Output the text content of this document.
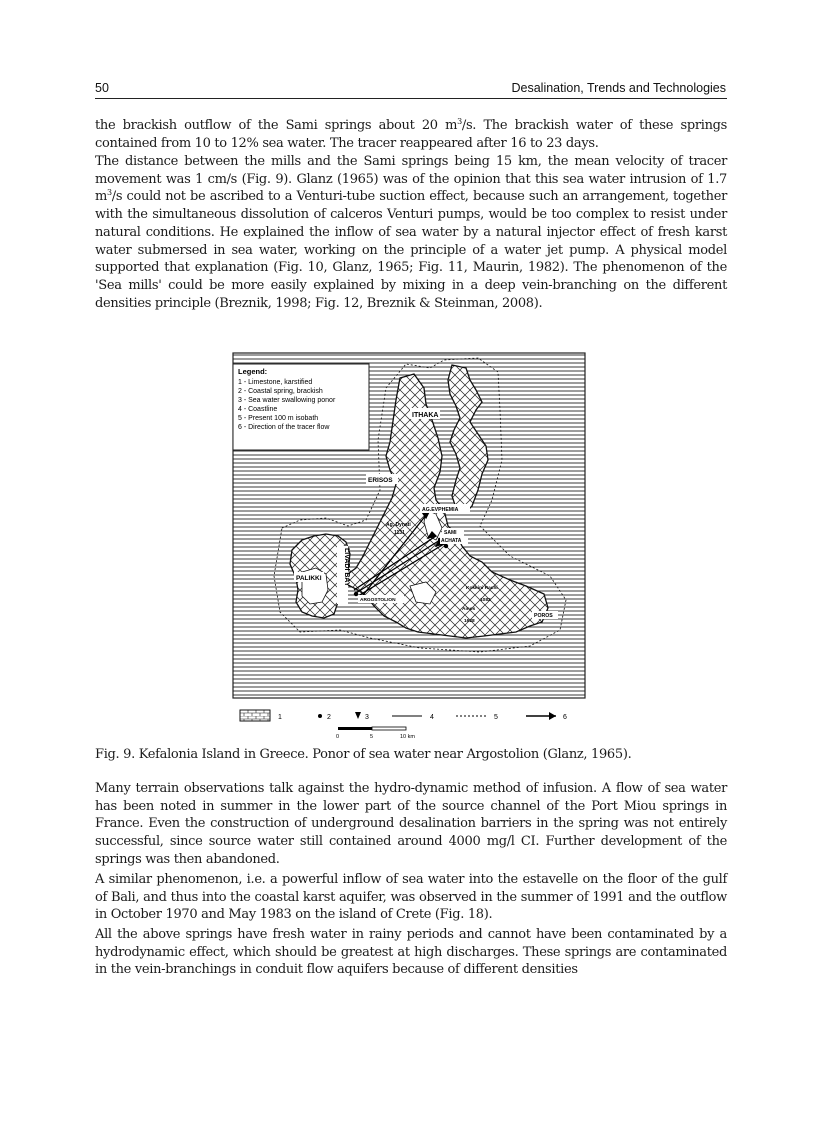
50	Desalination, Trends and Technologies

the brackish outflow of the Sami springs about 20 $m^3/s$. The brackish water of these springs contained from 10 to 12% sea water. The tracer reappeared after 16 to 23 days.

The distance between the mills and the Sami springs being 15 km, the mean velocity of tracer movement was 1 cm/s (Fig. 9). Glanz (1965) was of the opinion that this sea water intrusion of 1.7 $m^3/s$ could not be ascribed to a Venturi-tube suction effect, because such an arrangement, together with the simultaneous dissolution of calceros Venturi pumps, would be too complex to resist under natural conditions. He explained the inflow of sea water by a natural injector effect of fresh karst water submersed in sea water, working on the principle of a water jet pump. A physical model supported that explanation (Fig. 10, Glanz, 1965; Fig. 11, Maurin, 1982). The phenomenon of the 'Sea mills' could be more easily explained by mixing in a deep vein-branching on the different densities principle (Breznik, 1998; Fig. 12, Breznik & Steinman, 2008).

Legend:
1 - Limestone, karstified
2 - Coastal spring, brackish
3 - Sea water swallowing ponor
4 - Coastline
5 - Present 100 m isobath
6 - Direction of the tracer flow
ITHAKA
ERISOS
AG.EVPHEMIA
Ag. Dynati
1131	SAMI
ACHATA
LIVADI BAY
PALIKKI
ARGOSTOLION
Kokkini Rachi
1082
Ainos
1628
POROS
1	2	3	4	5	6
0	5	10 km
Fig. 9. Kefalonia Island in Greece. Ponor of sea water near Argostolion (Glanz, 1965).

Many terrain observations talk against the hydro-dynamic method of infusion. A flow of sea water has been noted in summer in the lower part of the source channel of the Port Miou springs in France. Even the construction of underground desalination barriers in the spring was not entirely successful, since source water still contained around 4000 mg/l CI. Further development of the springs was then abandoned.

A similar phenomenon, i.e. a powerful inflow of sea water into the estavelle on the floor of the gulf of Bali, and thus into the coastal karst aquifer, was observed in the summer of 1991 and the outflow in October 1970 and May 1983 on the island of Crete (Fig. 18).

All the above springs have fresh water in rainy periods and cannot have been contaminated by a hydrodynamic effect, which should be greatest at high discharges. These springs are contaminated in the vein-branchings in conduit flow aquifers because of different densities
